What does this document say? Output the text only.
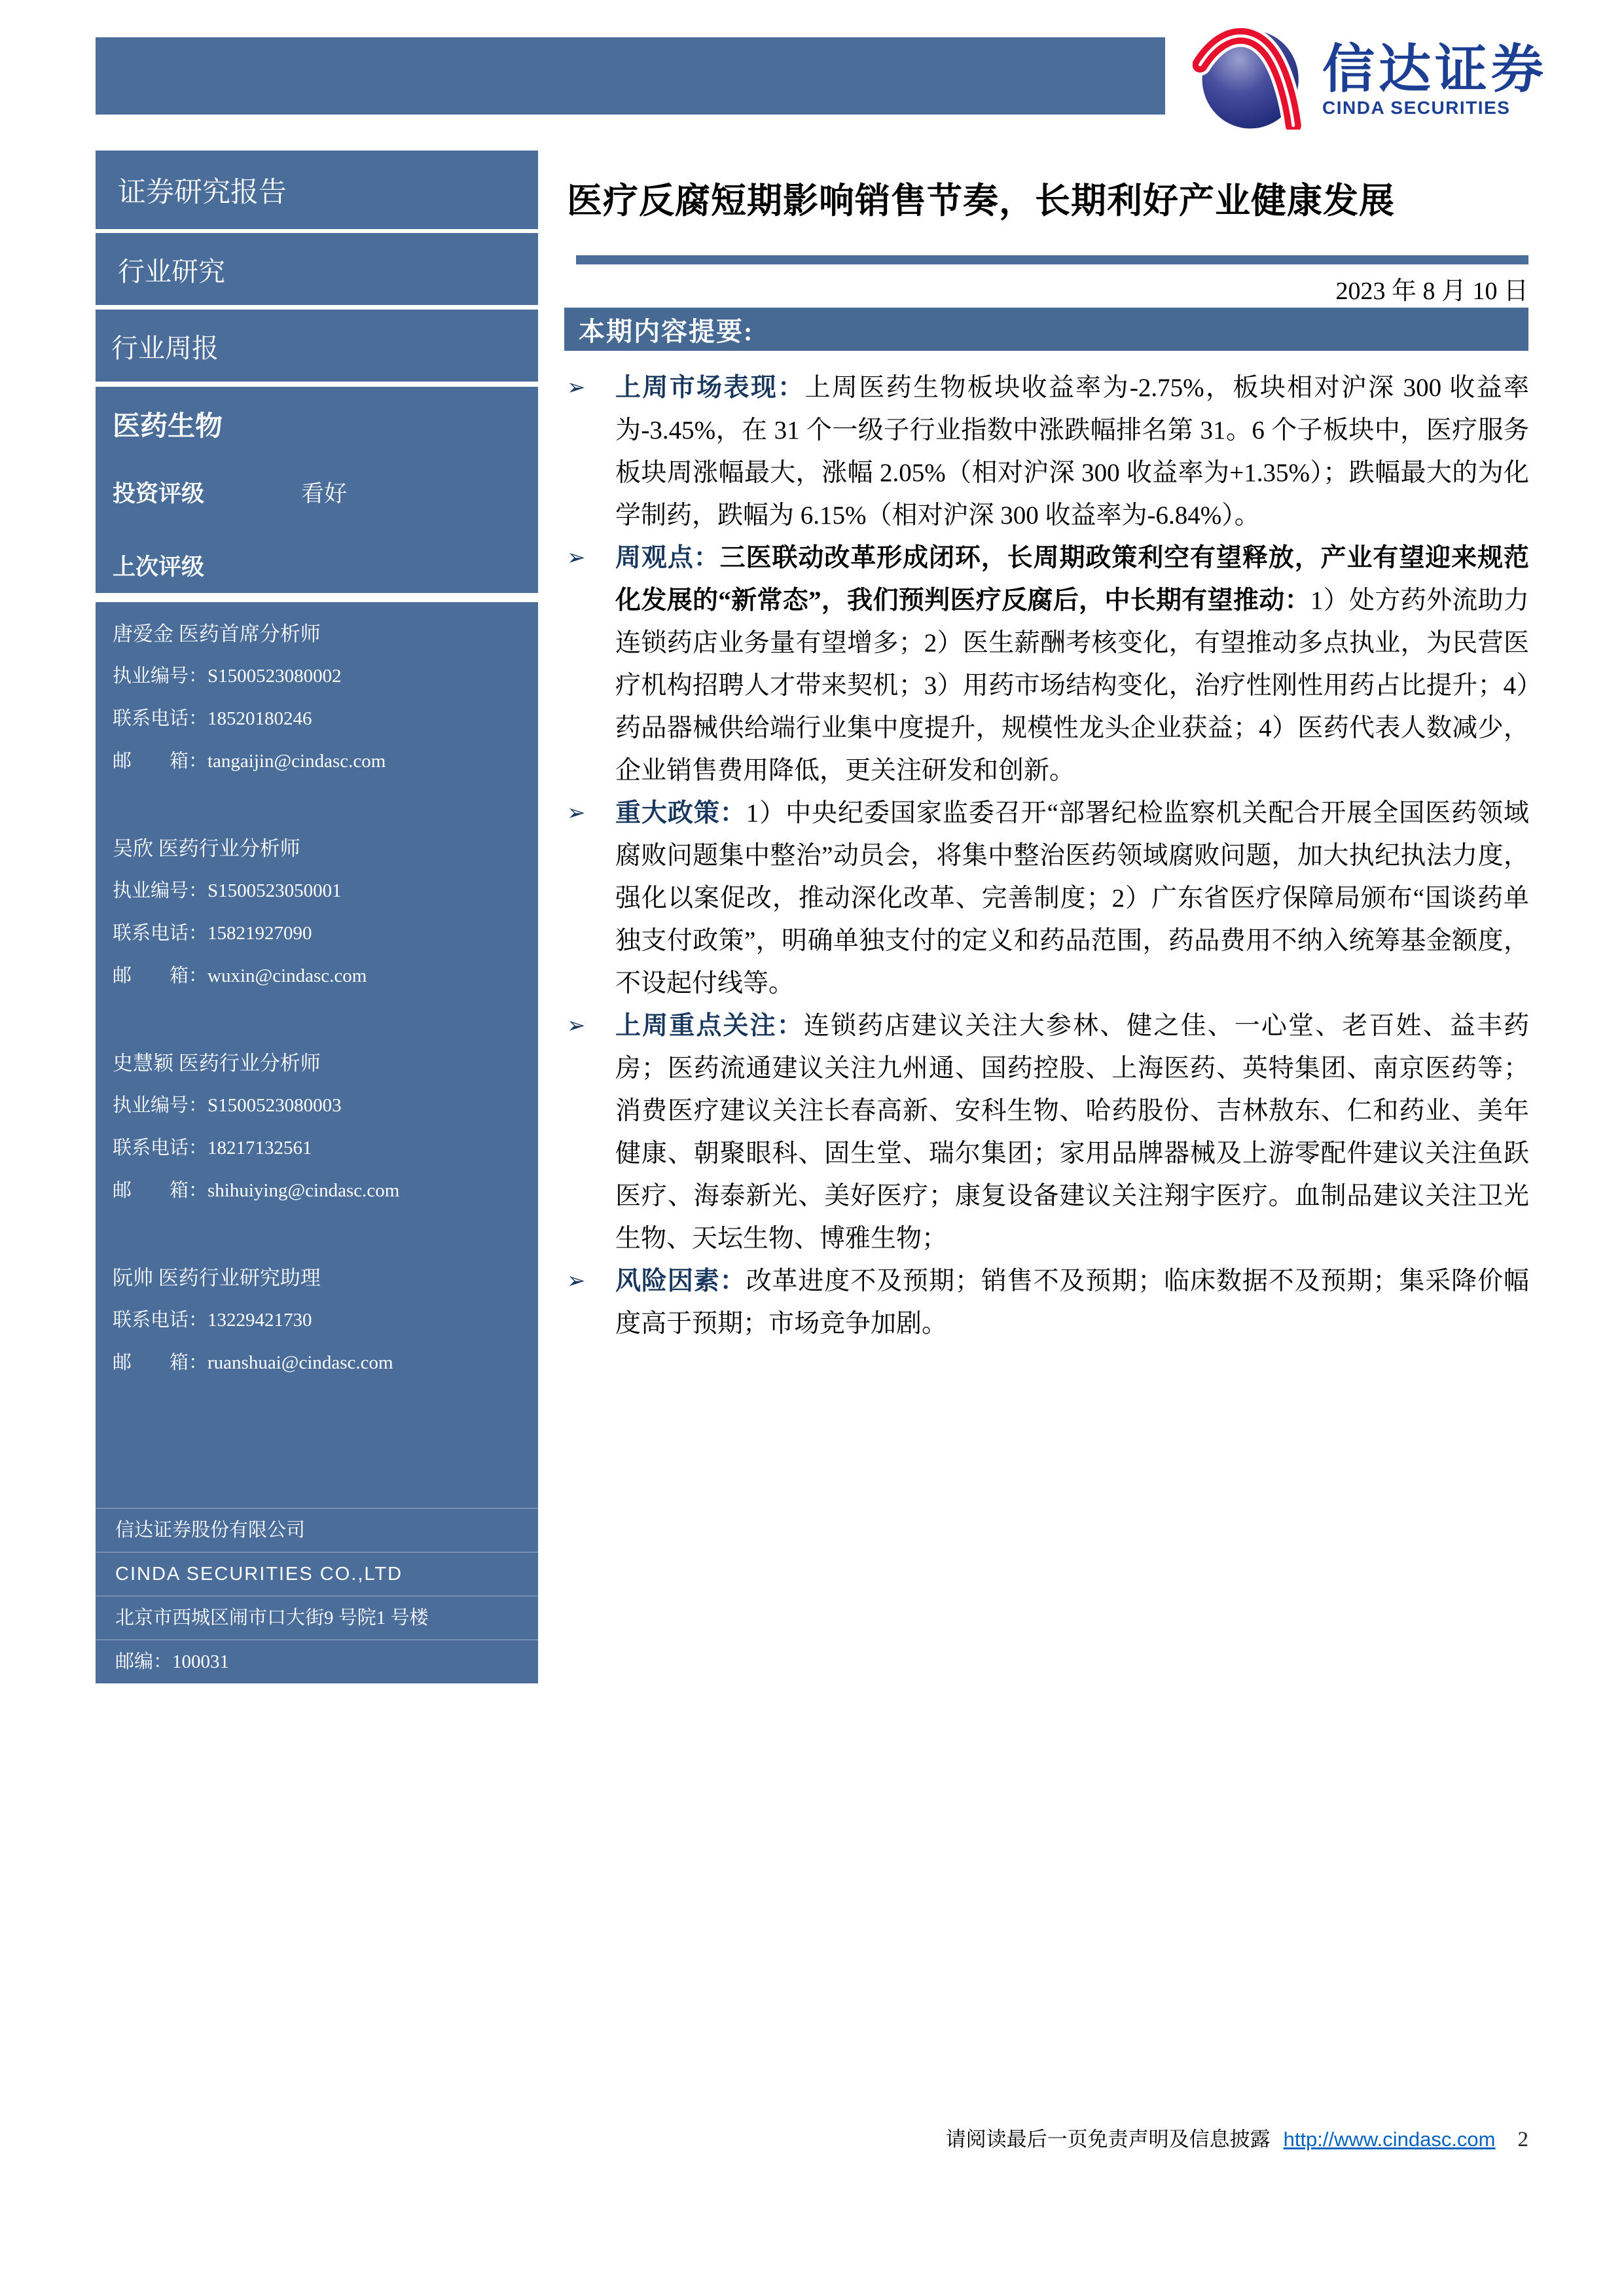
信达证券
CINDA SECURITIES
证券研究报告
行业研究
行业周报
医药生物
投资评级	看好
上次评级
唐爱金 医药首席分析师
执业编号：S1500523080002
联系电话：18520180246
邮　　箱：tangaijin@cindasc.com
吴欣 医药行业分析师
执业编号：S1500523050001
联系电话：15821927090
邮　　箱：wuxin@cindasc.com
史慧颖 医药行业分析师
执业编号：S1500523080003
联系电话：18217132561
邮　　箱：shihuiying@cindasc.com
阮帅 医药行业研究助理
联系电话：13229421730
邮　　箱：ruanshuai@cindasc.com
信达证券股份有限公司
CINDA SECURITIES CO.,LTD
北京市西城区闹市口大街9 号院1 号楼
邮编：100031
医疗反腐短期影响销售节奏，长期利好产业健康发展
2023 年 8 月 10 日
本期内容提要:
➢	上周市场表现：上周医药生物板块收益率为-2.75%，板块相对沪深 300 收益率为-3.45%，在 31 个一级子行业指数中涨跌幅排名第 31。6 个子板块中，医疗服务板块周涨幅最大，涨幅 2.05%（相对沪深 300 收益率为+1.35%）；跌幅最大的为化学制药，跌幅为 6.15%（相对沪深 300 收益率为-6.84%）。
➢	周观点：三医联动改革形成闭环，长周期政策利空有望释放，产业有望迎来规范化发展的“新常态”，我们预判医疗反腐后，中长期有望推动：1）处方药外流助力连锁药店业务量有望增多；2）医生薪酬考核变化，有望推动多点执业，为民营医疗机构招聘人才带来契机；3）用药市场结构变化，治疗性刚性用药占比提升；4）药品器械供给端行业集中度提升，规模性龙头企业获益；4）医药代表人数减少，企业销售费用降低，更关注研发和创新。
➢	重大政策：1）中央纪委国家监委召开“部署纪检监察机关配合开展全国医药领域腐败问题集中整治”动员会，将集中整治医药领域腐败问题，加大执纪执法力度，强化以案促改，推动深化改革、完善制度；2）广东省医疗保障局颁布“国谈药单独支付政策”，明确单独支付的定义和药品范围，药品费用不纳入统筹基金额度，不设起付线等。
➢	上周重点关注：连锁药店建议关注大参林、健之佳、一心堂、老百姓、益丰药房；医药流通建议关注九州通、国药控股、上海医药、英特集团、南京医药等；消费医疗建议关注长春高新、安科生物、哈药股份、吉林敖东、仁和药业、美年健康、朝聚眼科、固生堂、瑞尔集团；家用品牌器械及上游零配件建议关注鱼跃医疗、海泰新光、美好医疗；康复设备建议关注翔宇医疗。血制品建议关注卫光生物、天坛生物、博雅生物；
➢	风险因素：改革进度不及预期；销售不及预期；临床数据不及预期；集采降价幅度高于预期；市场竞争加剧。
请阅读最后一页免责声明及信息披露 http://www.cindasc.com 2
